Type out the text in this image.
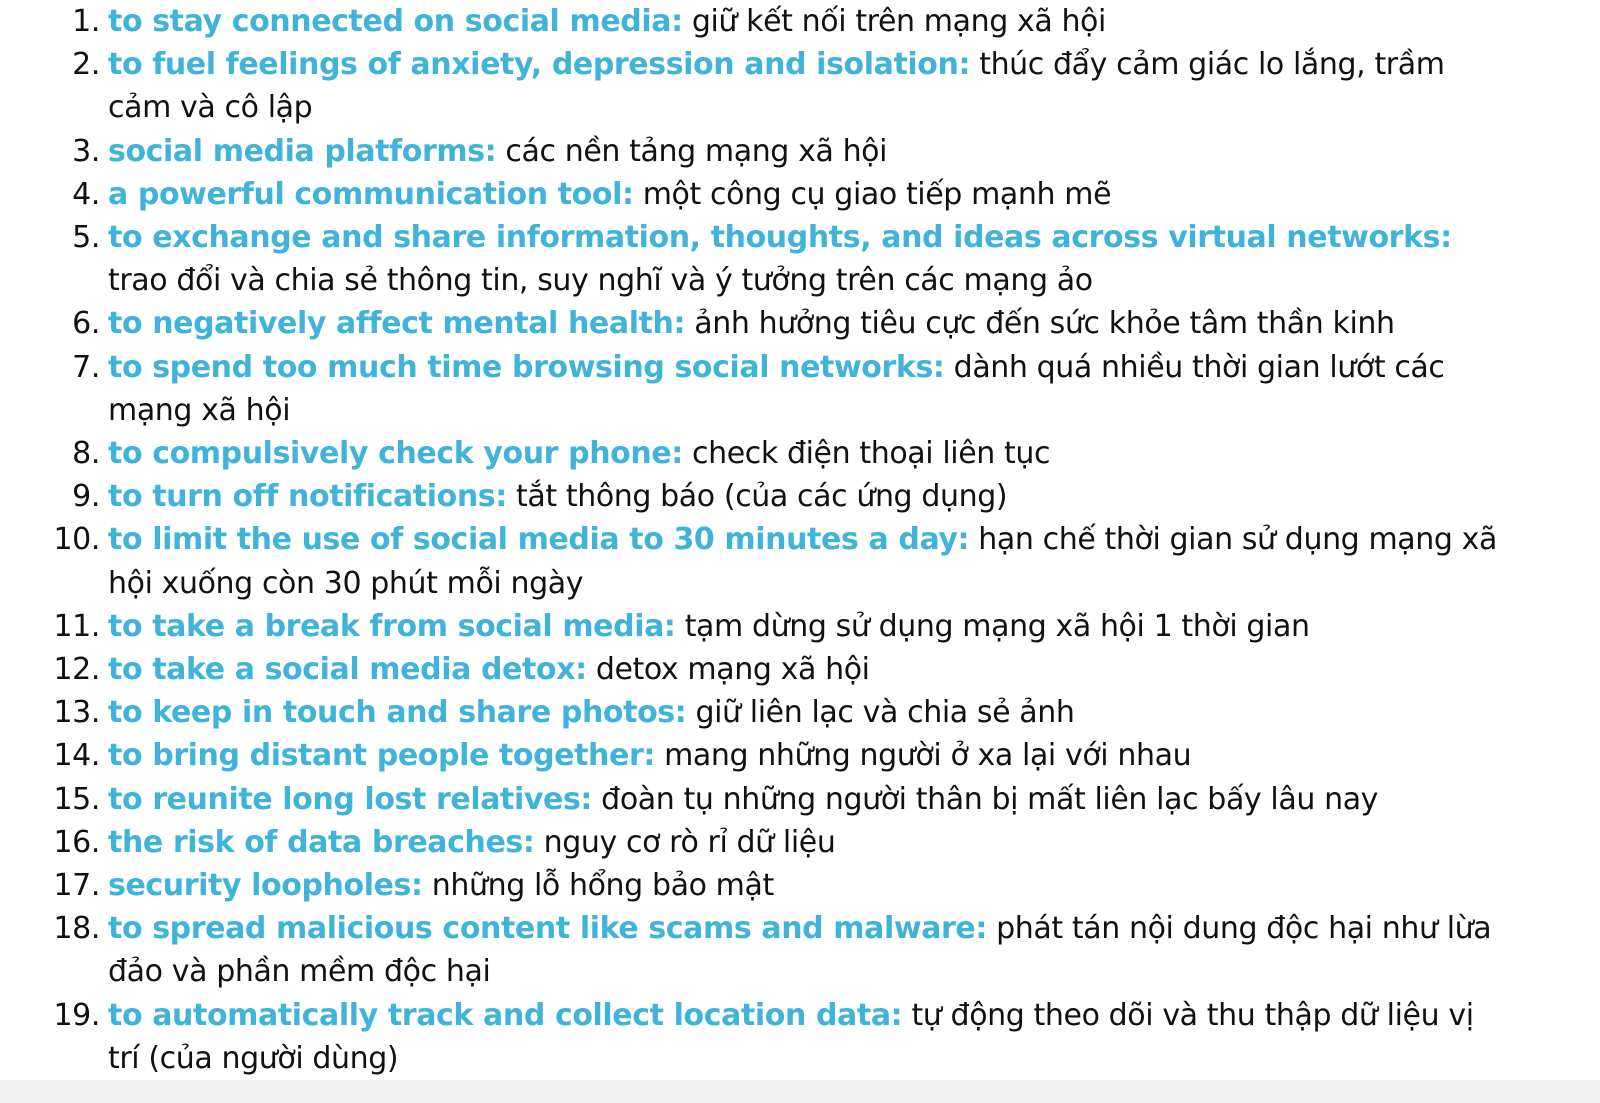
1. to stay connected on social media: giữ kết nối trên mạng xã hội
2. to fuel feelings of anxiety, depression and isolation: thúc đẩy cảm giác lo lắng, trầm cảm và cô lập
3. social media platforms: các nền tảng mạng xã hội
4. a powerful communication tool: một công cụ giao tiếp mạnh mẽ
5. to exchange and share information, thoughts, and ideas across virtual networks: trao đổi và chia sẻ thông tin, suy nghĩ và ý tưởng trên các mạng ảo
6. to negatively affect mental health: ảnh hưởng tiêu cực đến sức khỏe tâm thần kinh
7. to spend too much time browsing social networks: dành quá nhiều thời gian lướt các mạng xã hội
8. to compulsively check your phone: check điện thoại liên tục
9. to turn off notifications: tắt thông báo (của các ứng dụng)
10. to limit the use of social media to 30 minutes a day: hạn chế thời gian sử dụng mạng xã hội xuống còn 30 phút mỗi ngày
11. to take a break from social media: tạm dừng sử dụng mạng xã hội 1 thời gian
12. to take a social media detox: detox mạng xã hội
13. to keep in touch and share photos: giữ liên lạc và chia sẻ ảnh
14. to bring distant people together: mang những người ở xa lại với nhau
15. to reunite long lost relatives: đoàn tụ những người thân bị mất liên lạc bấy lâu nay
16. the risk of data breaches: nguy cơ rò rỉ dữ liệu
17. security loopholes: những lỗ hổng bảo mật
18. to spread malicious content like scams and malware: phát tán nội dung độc hại như lừa đảo và phần mềm độc hại
19. to automatically track and collect location data: tự động theo dõi và thu thập dữ liệu vị trí (của người dùng)
